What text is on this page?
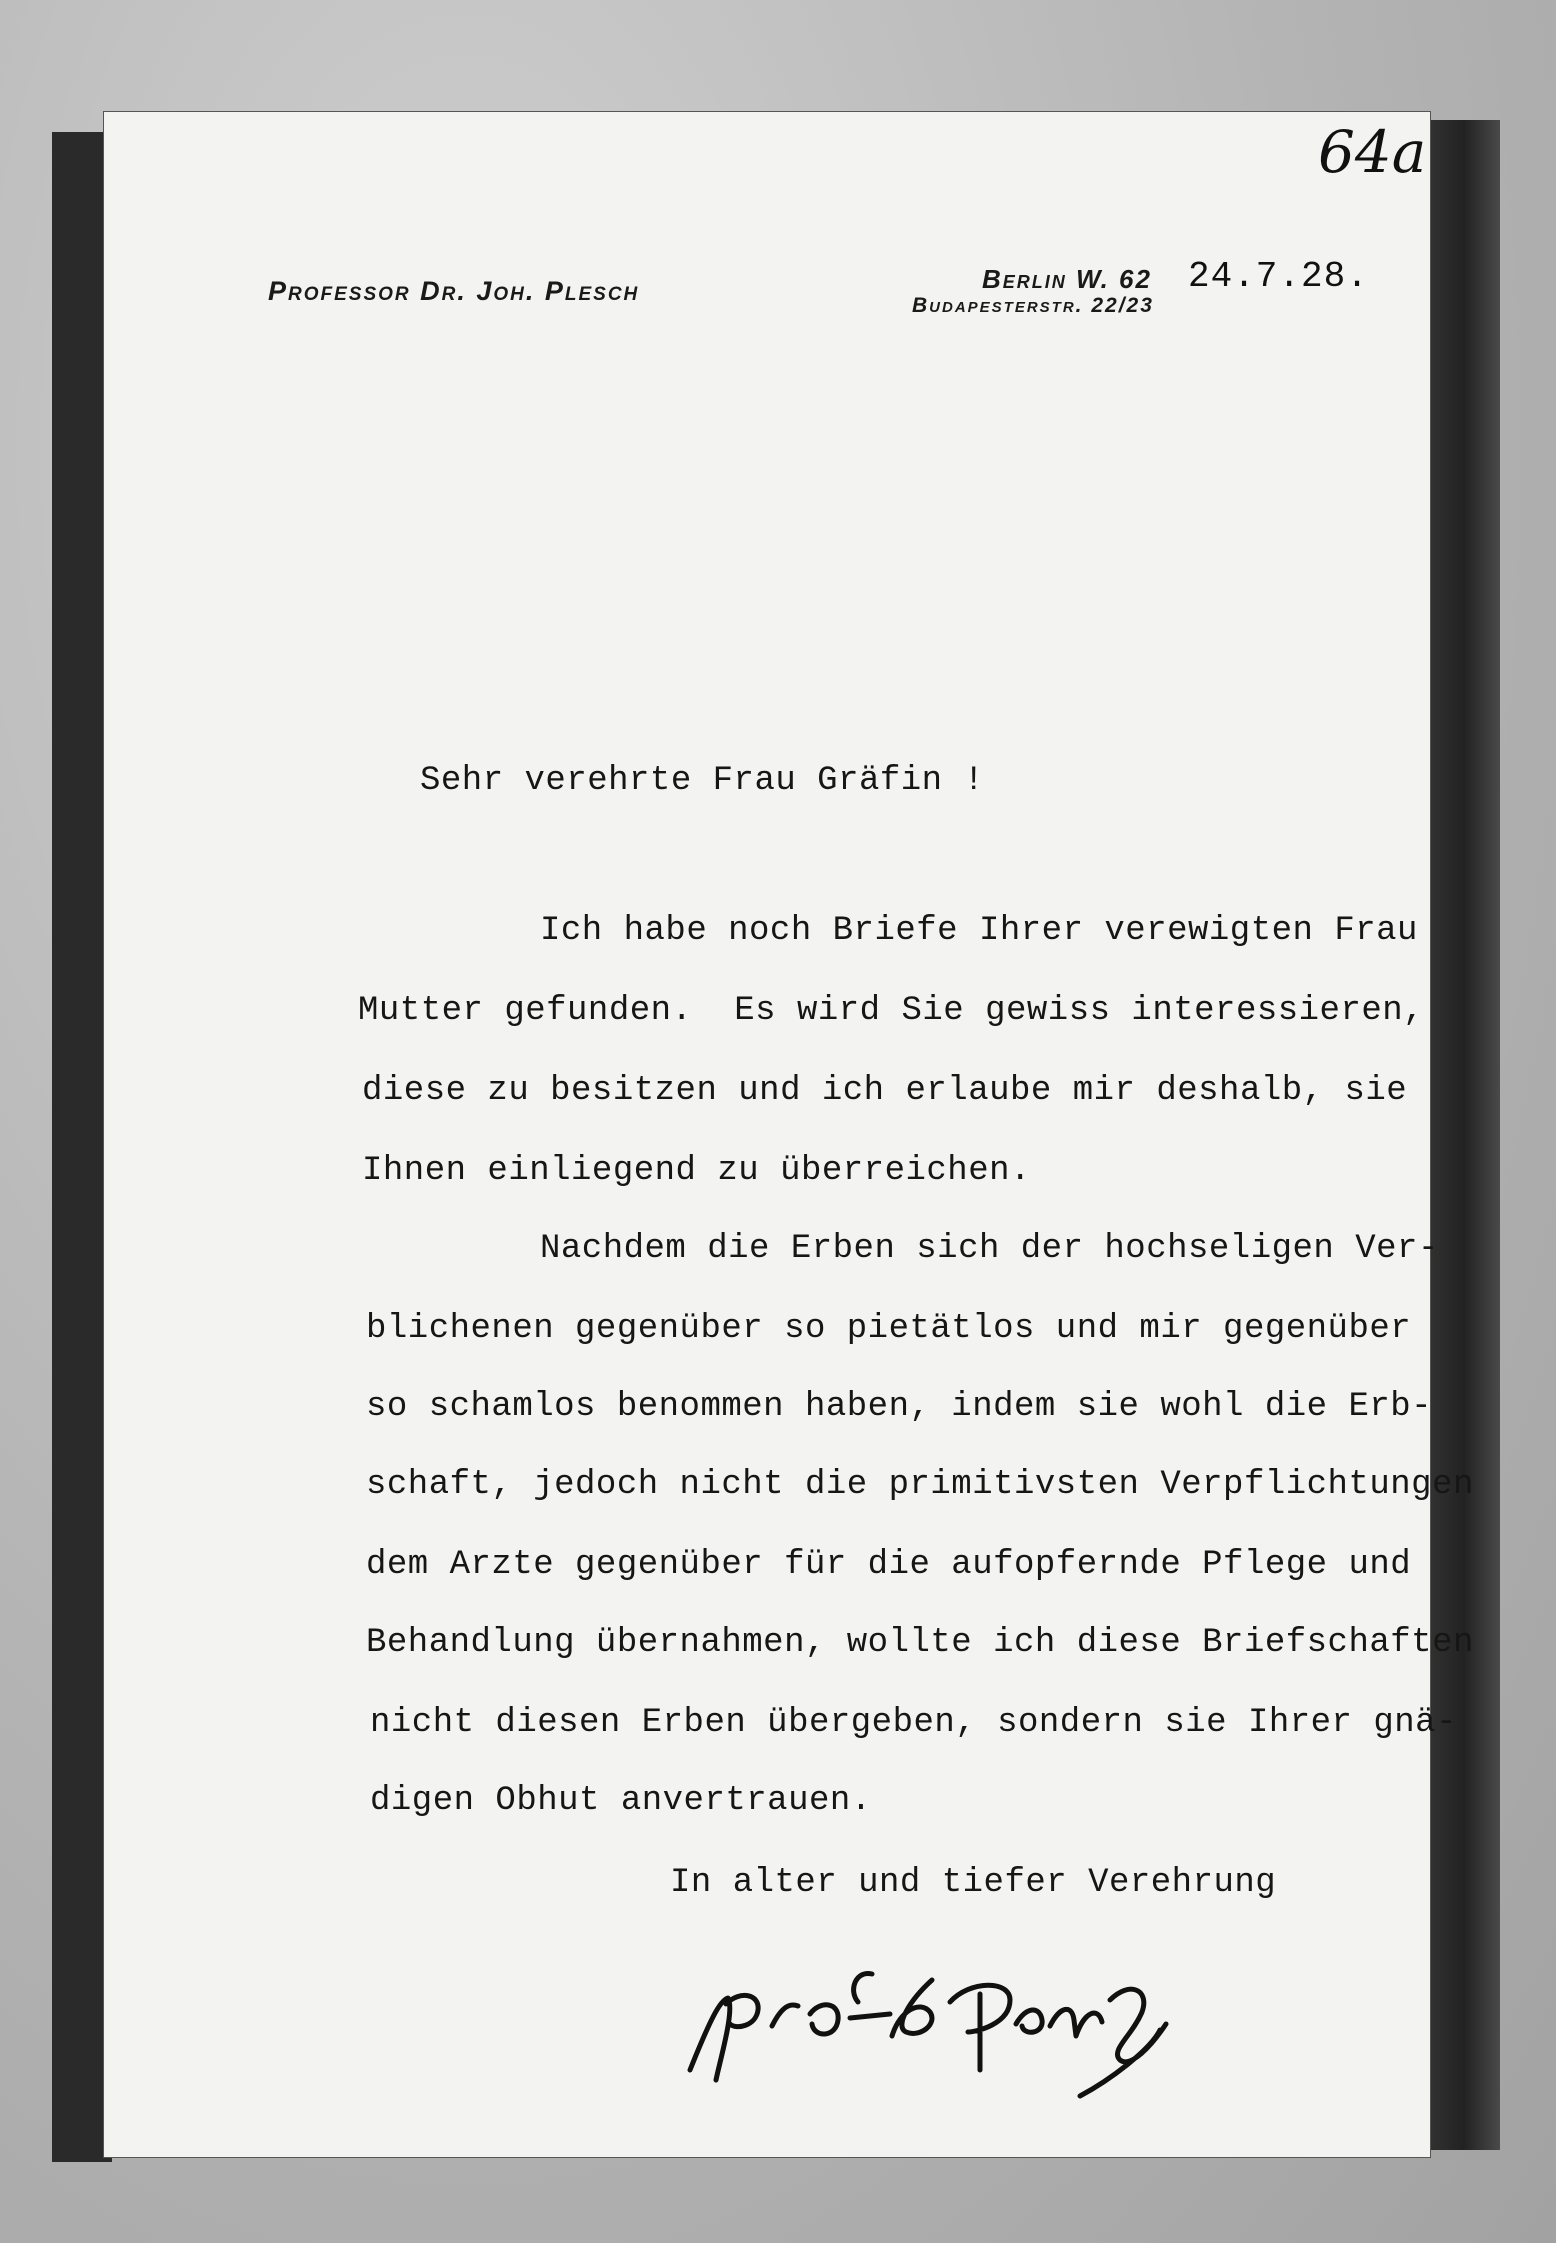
64a
Professor Dr. Joh. Plesch	Berlin W. 62 24.7.28.
Budapesterstr. 22/23
Sehr verehrte Frau Gräfin !
Ich habe noch Briefe Ihrer verewigten Frau
Mutter gefunden.  Es wird Sie gewiss interessieren,
diese zu besitzen und ich erlaube mir deshalb, sie
Ihnen einliegend zu überreichen.
Nachdem die Erben sich der hochseligen Ver-
blichenen gegenüber so pietätlos und mir gegenüber
so schamlos benommen haben, indem sie wohl die Erb-
schaft, jedoch nicht die primitivsten Verpflichtungen
dem Arzte gegenüber für die aufopfernde Pflege und
Behandlung übernahmen, wollte ich diese Briefschaften
nicht diesen Erben übergeben, sondern sie Ihrer gnä-
digen Obhut anvertrauen.
In alter und tiefer Verehrung
